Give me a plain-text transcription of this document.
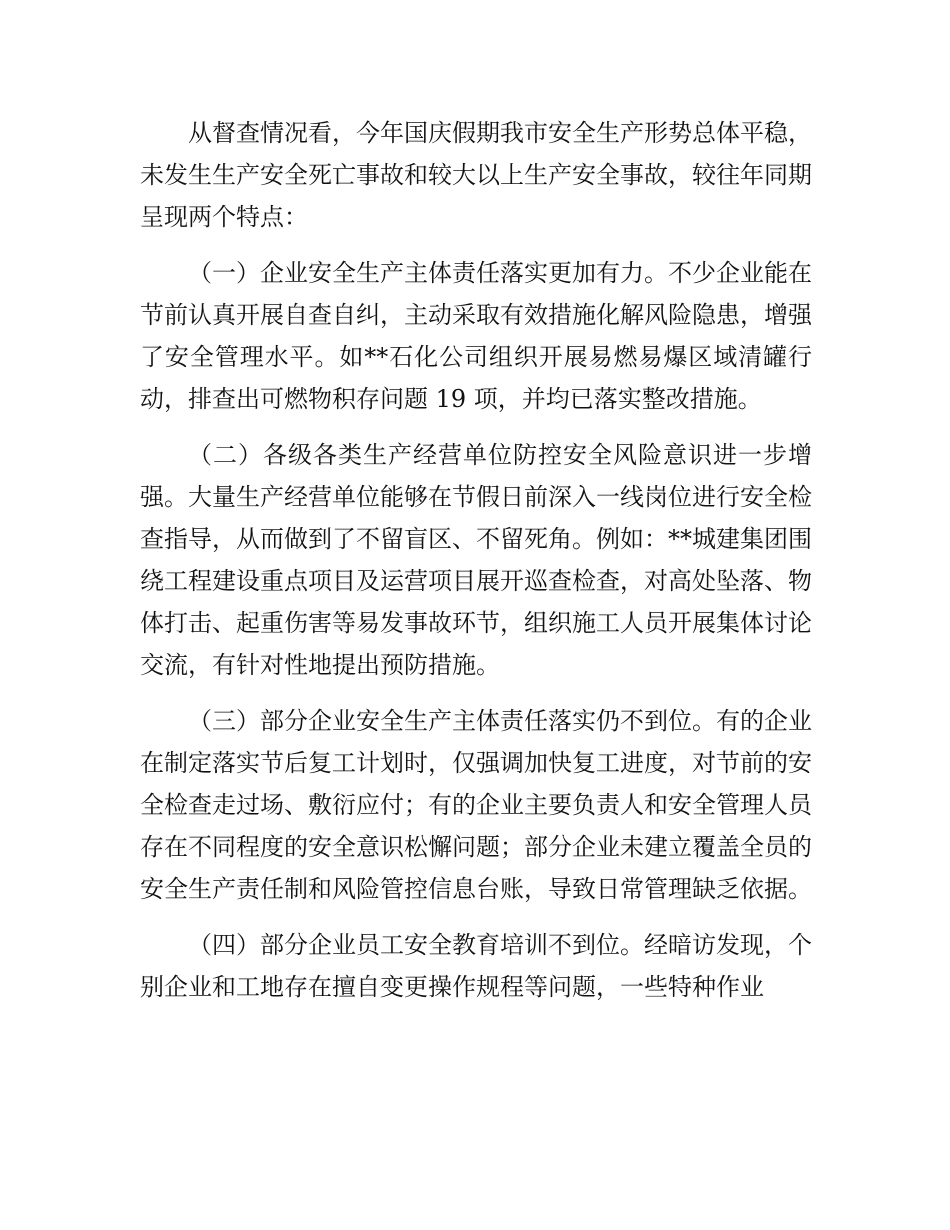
从督查情况看，今年国庆假期我市安全生产形势总体平稳，未发生生产安全死亡事故和较大以上生产安全事故，较往年同期呈现两个特点：

（一）企业安全生产主体责任落实更加有力。不少企业能在节前认真开展自查自纠，主动采取有效措施化解风险隐患，增强了安全管理水平。如**石化公司组织开展易燃易爆区域清罐行动，排查出可燃物积存问题 19 项，并均已落实整改措施。

（二）各级各类生产经营单位防控安全风险意识进一步增强。大量生产经营单位能够在节假日前深入一线岗位进行安全检查指导，从而做到了不留盲区、不留死角。例如：**城建集团围绕工程建设重点项目及运营项目展开巡查检查，对高处坠落、物体打击、起重伤害等易发事故环节，组织施工人员开展集体讨论交流，有针对性地提出预防措施。

（三）部分企业安全生产主体责任落实仍不到位。有的企业在制定落实节后复工计划时，仅强调加快复工进度，对节前的安全检查走过场、敷衍应付；有的企业主要负责人和安全管理人员存在不同程度的安全意识松懈问题；部分企业未建立覆盖全员的安全生产责任制和风险管控信息台账，导致日常管理缺乏依据。

（四）部分企业员工安全教育培训不到位。经暗访发现，个别企业和工地存在擅自变更操作规程等问题，一些特种作业
